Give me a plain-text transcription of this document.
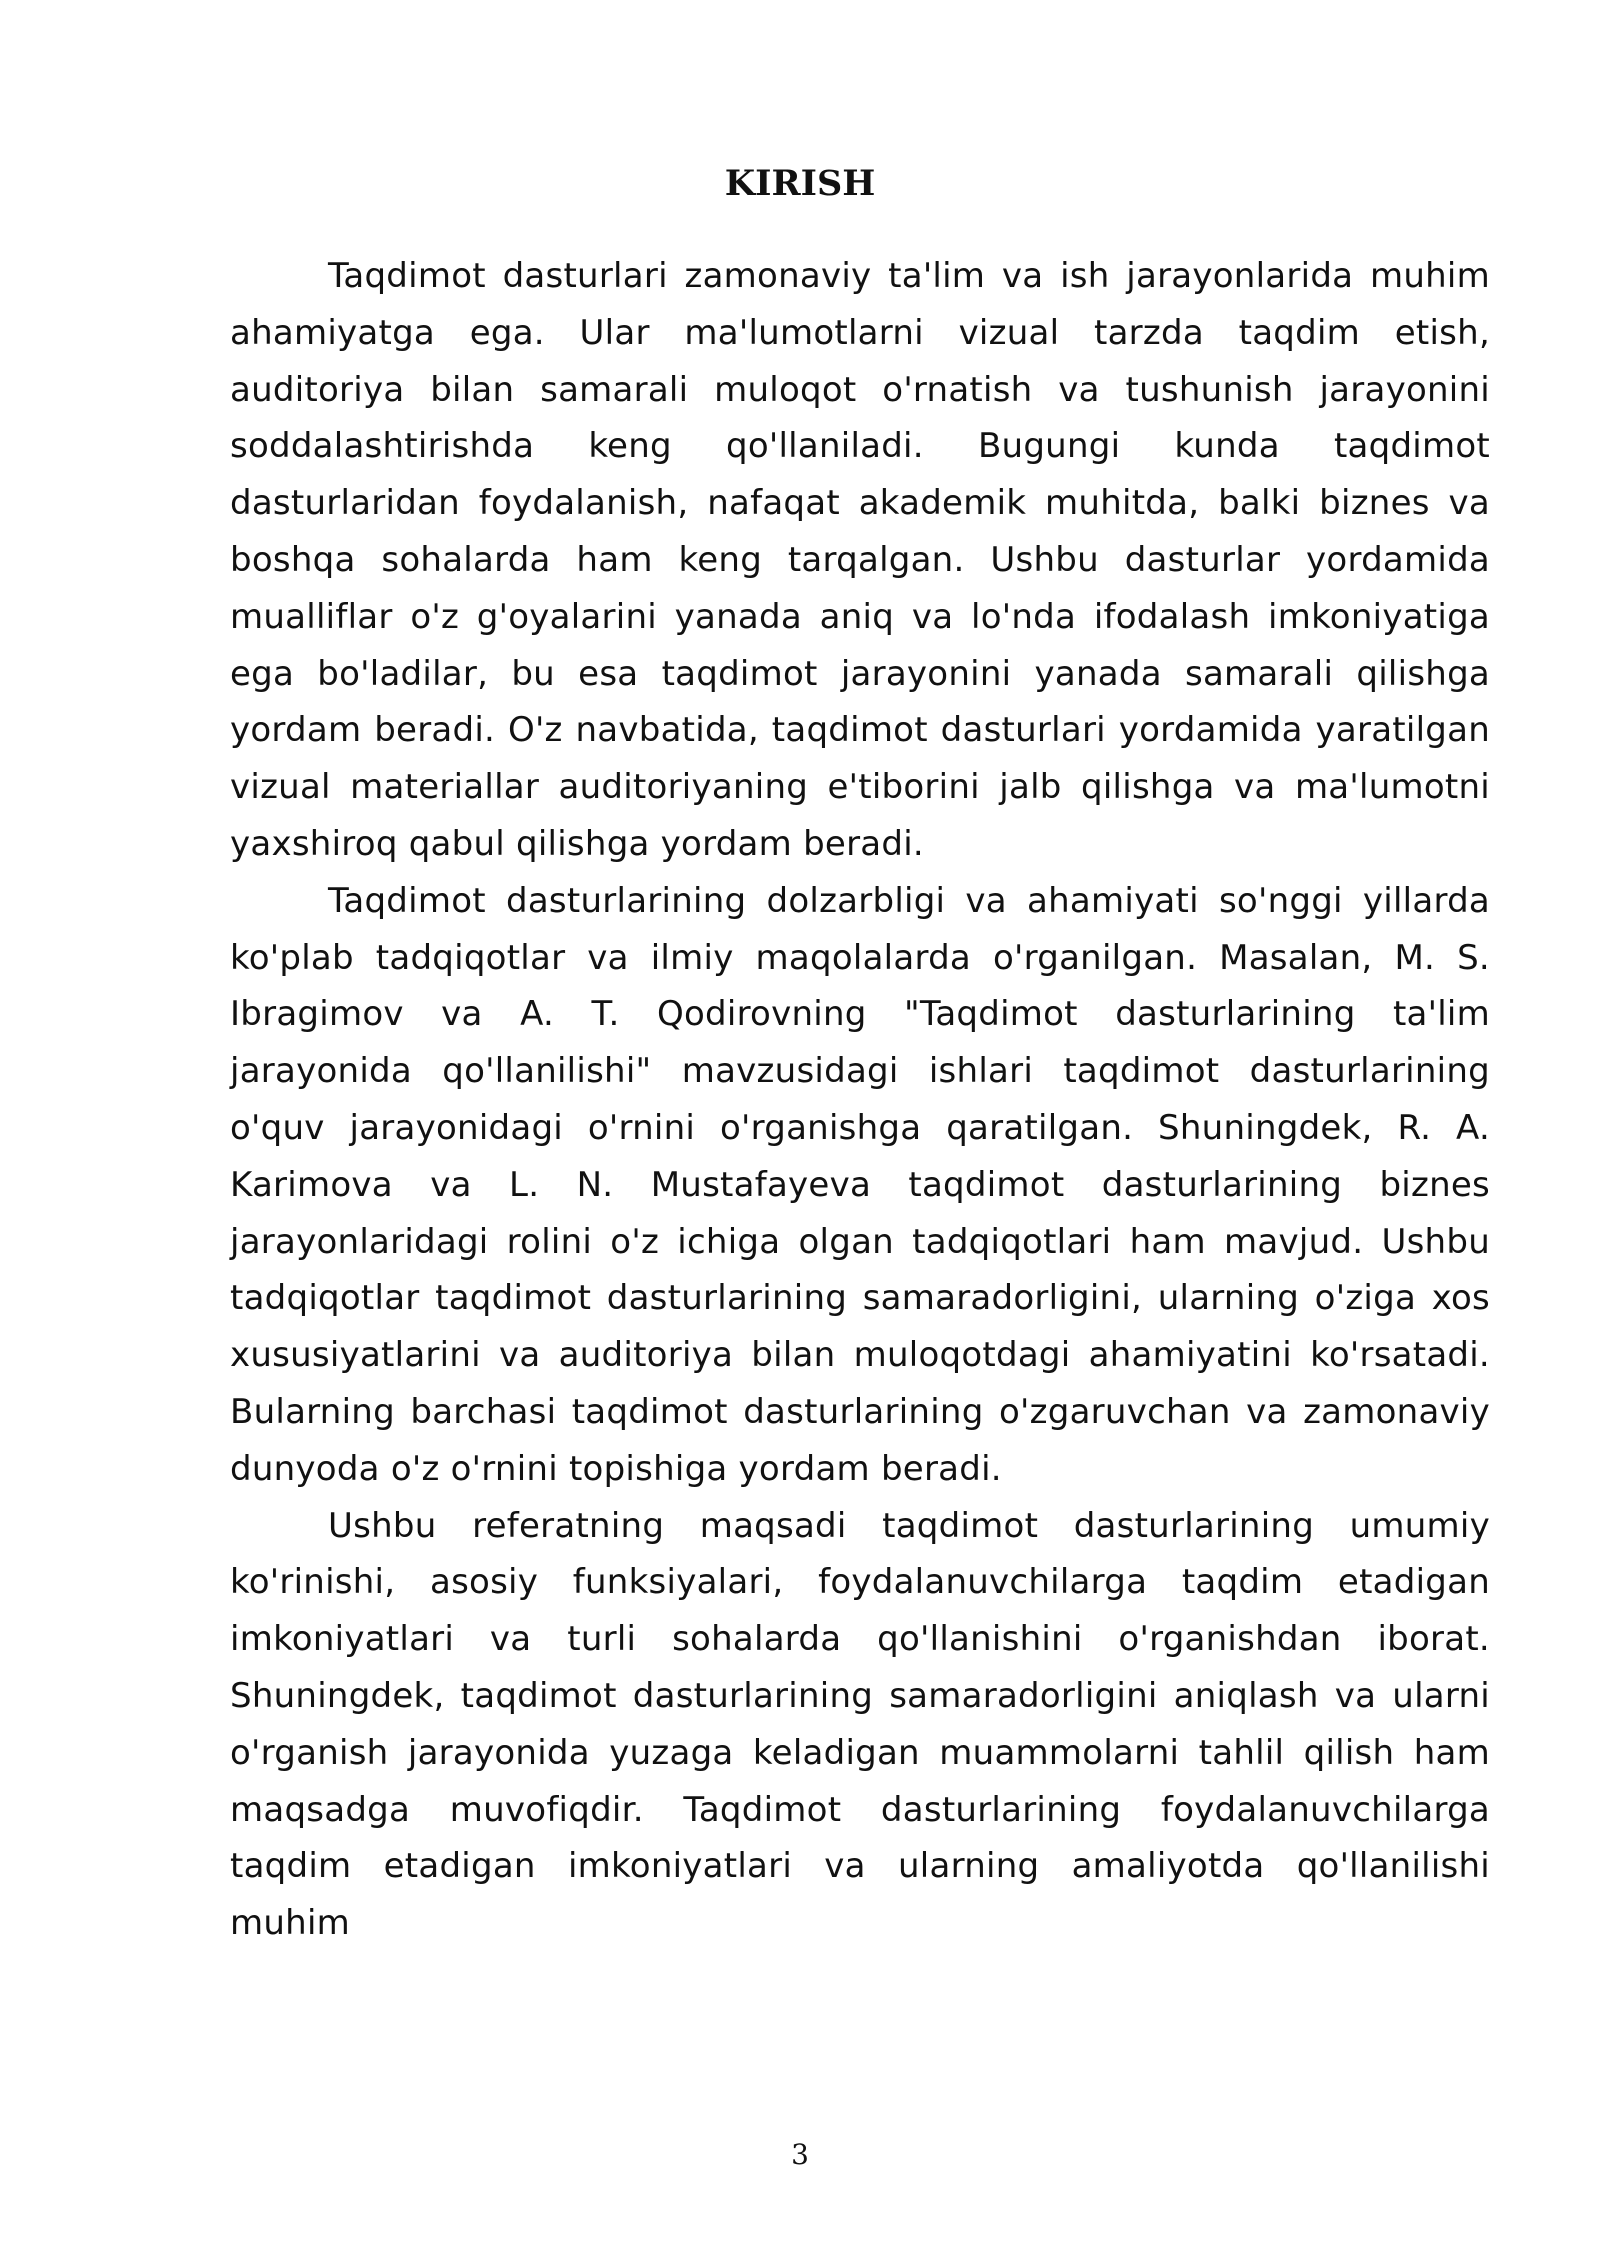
KIRISH

Taqdimot dasturlari zamonaviy ta'lim va ish jarayonlarida muhim ahamiyatga ega. Ular ma'lumotlarni vizual tarzda taqdim etish, auditoriya bilan samarali muloqot o'rnatish va tushunish jarayonini soddalashtirishda keng qo'llaniladi. Bugungi kunda taqdimot dasturlaridan foydalanish, nafaqat akademik muhitda, balki biznes va boshqa sohalarda ham keng tarqalgan. Ushbu dasturlar yordamida mualliflar o'z g'oyalarini yanada aniq va lo'nda ifodalash imkoniyatiga ega bo'ladilar, bu esa taqdimot jarayonini yanada samarali qilishga yordam beradi. O'z navbatida, taqdimot dasturlari yordamida yaratilgan vizual materiallar auditoriyaning e'tiborini jalb qilishga va ma'lumotni yaxshiroq qabul qilishga yordam beradi.

Taqdimot dasturlarining dolzarbligi va ahamiyati so'nggi yillarda ko'plab tadqiqotlar va ilmiy maqolalarda o'rganilgan. Masalan, M. S. Ibragimov va A. T. Qodirovning "Taqdimot dasturlarining ta'lim jarayonida qo'llanilishi" mavzusidagi ishlari taqdimot dasturlarining o'quv jarayonidagi o'rnini o'rganishga qaratilgan. Shuningdek, R. A. Karimova va L. N. Mustafayeva taqdimot dasturlarining biznes jarayonlaridagi rolini o'z ichiga olgan tadqiqotlari ham mavjud. Ushbu tadqiqotlar taqdimot dasturlarining samaradorligini, ularning o'ziga xos xususiyatlarini va auditoriya bilan muloqotdagi ahamiyatini ko'rsatadi. Bularning barchasi taqdimot dasturlarining o'zgaruvchan va zamonaviy dunyoda o'z o'rnini topishiga yordam beradi.

Ushbu referatning maqsadi taqdimot dasturlarining umumiy ko'rinishi, asosiy funksiyalari, foydalanuvchilarga taqdim etadigan imkoniyatlari va turli sohalarda qo'llanishini o'rganishdan iborat. Shuningdek, taqdimot dasturlarining samaradorligini aniqlash va ularni o'rganish jarayonida yuzaga keladigan muammolarni tahlil qilish ham maqsadga muvofiqdir. Taqdimot dasturlarining foydalanuvchilarga taqdim etadigan imkoniyatlari va ularning amaliyotda qo'llanilishi muhim

3
